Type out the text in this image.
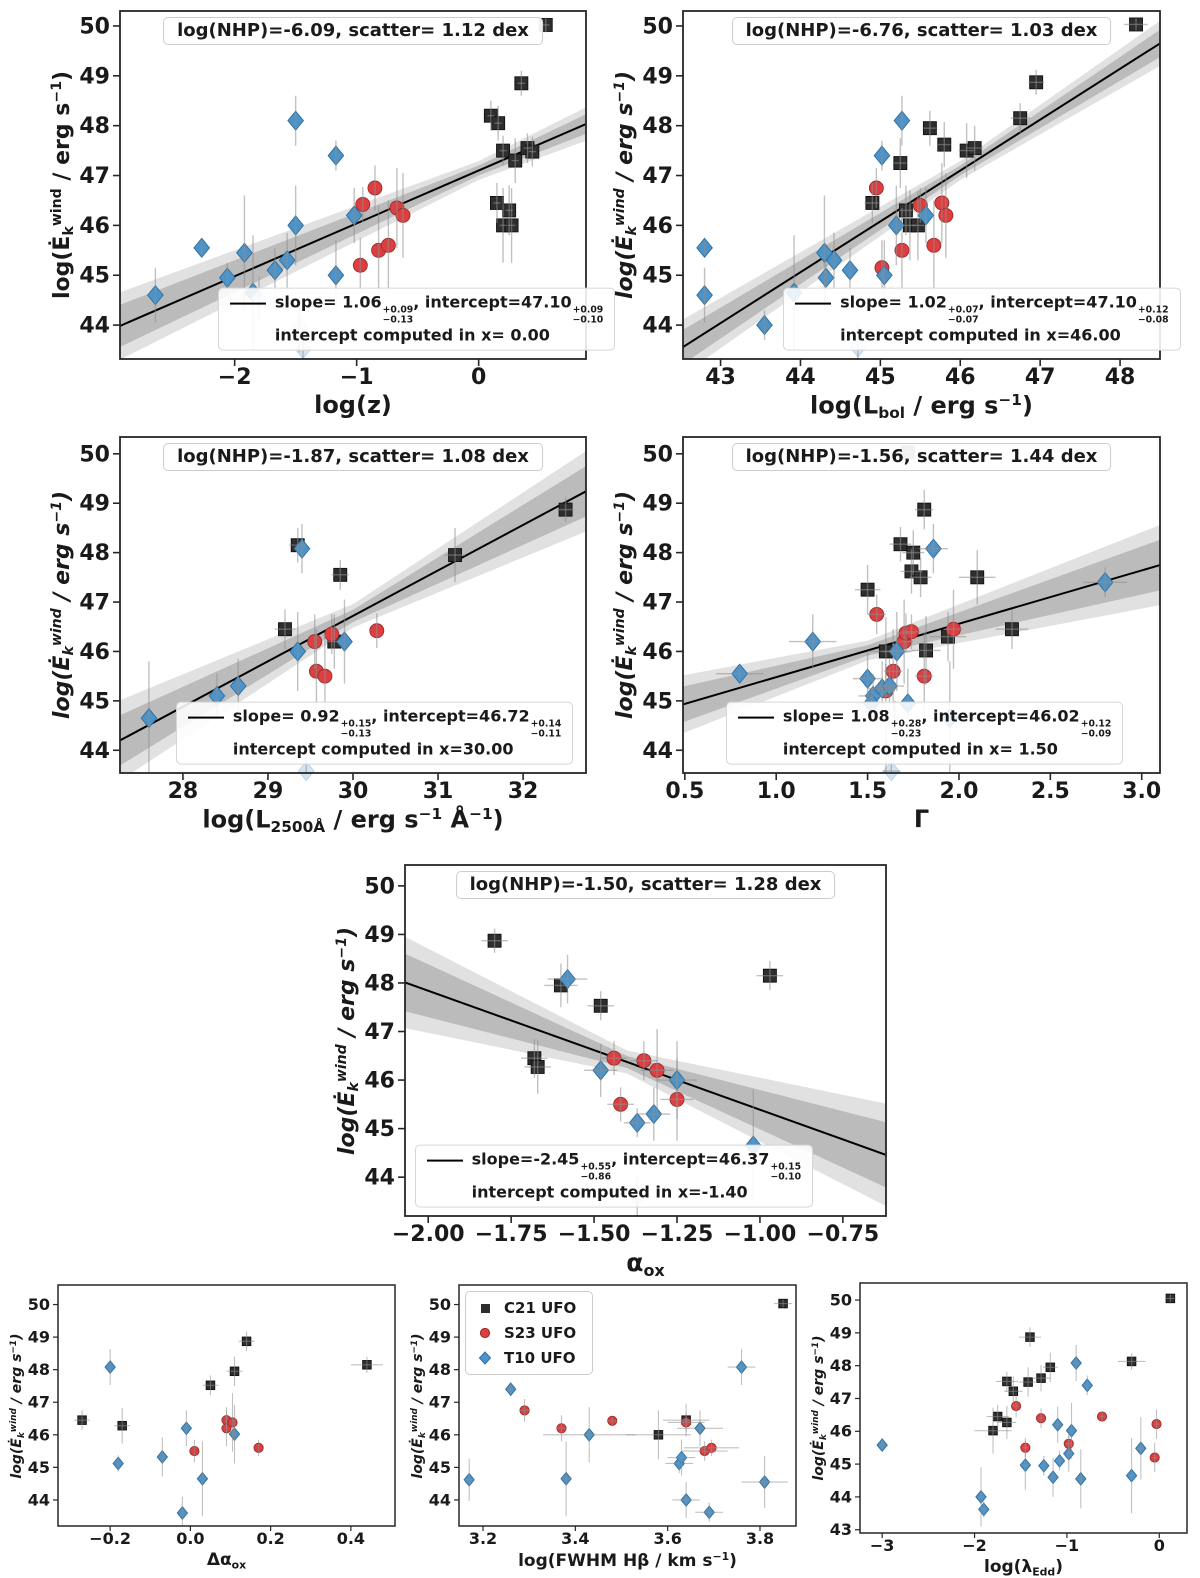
−2	−1	0
44
45
46
47
48
49
50
43 44 45 46 47 48
44
45
46
47
48
49
50
28 29 30 31 32
44
45
46
47
48
49
50
0.5 1.0 1.5 2.0 2.5 3.0
44
45
46
47
48
49
50
−2.00 −1.75 −1.50 −1.25 −1.00 −0.75
44
45
46
47
48
49
50
−0.2	0.0	0.2	0.4
44
45
46
47
48
49
50
3.2	3.4	3.6	3.8
44
45
46
47
48
49
50
−3	−2	−1	0
43
44
45
46
47
48
49
50
log(z)
$\log(Ė_k^{wind}$ / erg $s^{-1}$)
log(NHP)=-6.09, scatter= 1.12 dex
slope= 1.06 +0.09
−0.13
, intercept=47.10 +0.09
−0.10
intercept computed in x= 0.00
$\log(L_{bol}$ / erg $s^{-1}$)
$\log(Ė_k^{wind}$ / erg $s^{-1}$)
log(NHP)=-6.76, scatter= 1.03 dex
slope= 1.02 +0.07
−0.07
, intercept=47.10 +0.12
−0.08
intercept computed in x=46.00
$\log(L_{2500Å}$ / erg $s^{-1}$ $Å^{-1}$)
$\log(Ė_k^{wind}$ / erg $s^{-1}$)
log(NHP)=-1.87, scatter= 1.08 dex
slope= 0.92 +0.15
−0.13
, intercept=46.72 +0.14
−0.11
intercept computed in x=30.00
Γ
$\log(Ė_k^{wind}$ / erg $s^{-1}$)
log(NHP)=-1.56, scatter= 1.44 dex
slope= 1.08 +0.28
−0.23
, intercept=46.02 +0.12
−0.09
intercept computed in x= 1.50
$\alpha_{ox}$
$\log(Ė_k^{wind}$ / erg $s^{-1}$)
log(NHP)=-1.50, scatter= 1.28 dex
slope=-2.45 +0.55
−0.86
, intercept=46.37 +0.15
−0.10
intercept computed in x=-1.40
$\Delta\alpha_{ox}$
$\log(Ė_k^{wind}$ / erg $s^{-1}$)
log(FWHM Hβ / km $s^{-1}$)
$\log(Ė_k^{wind}$ / erg $s^{-1}$)
C21 UFO
S23 UFO
T10 UFO
$\log(\lambda_{Edd})$
$\log(Ė_k^{wind}$ / erg $s^{-1}$)
